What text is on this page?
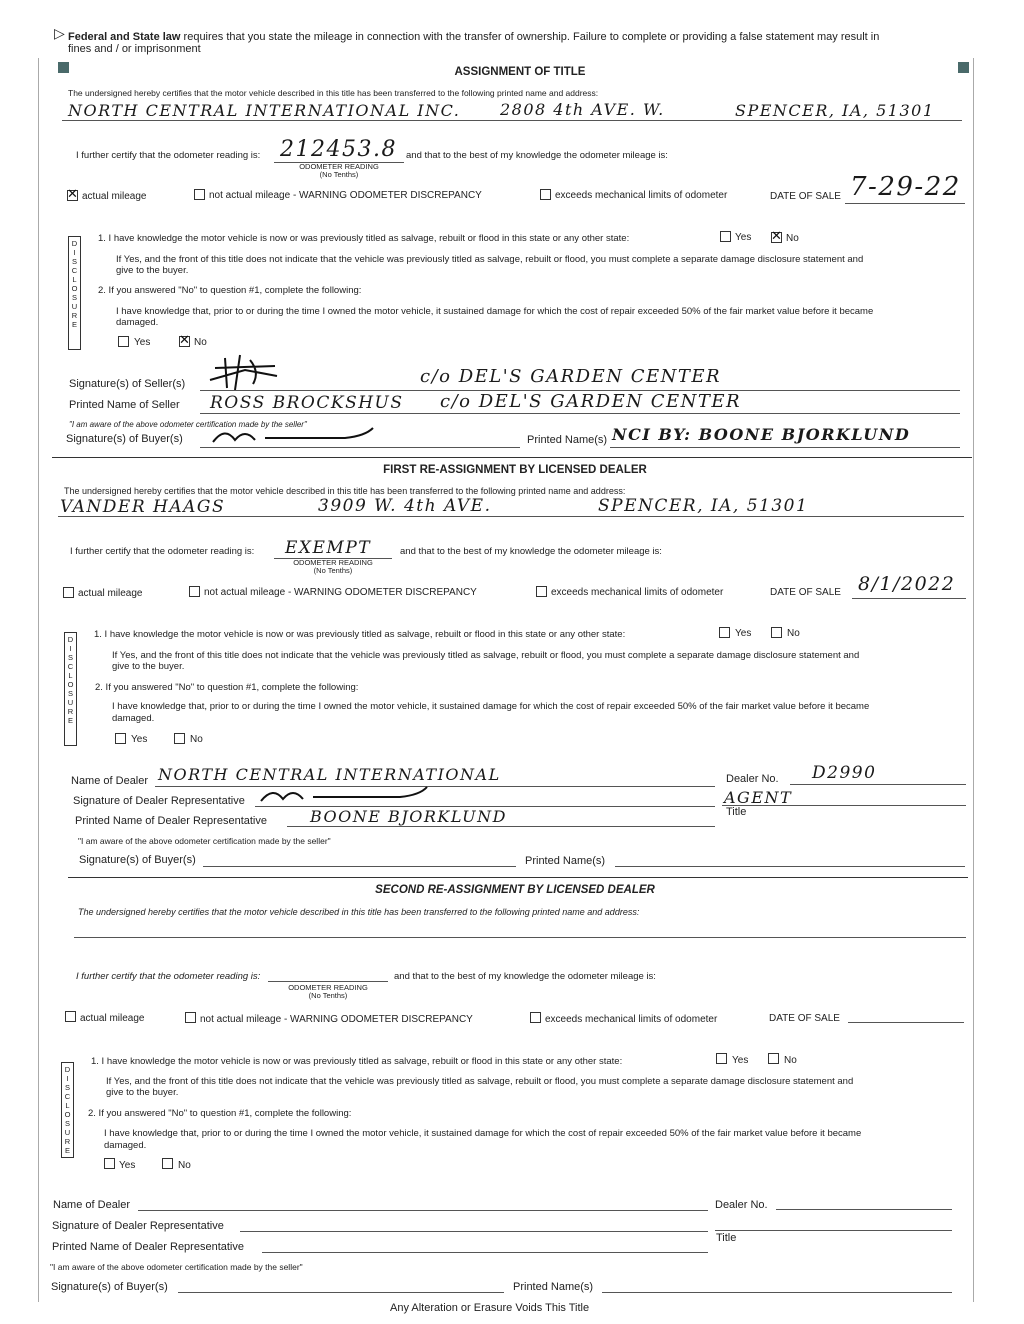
▷ Federal and State law requires that you state the mileage in connection with the transfer of ownership. Failure to complete or providing a false statement may result in
fines and / or imprisonment
ASSIGNMENT OF TITLE
The undersigned hereby certifies that the motor vehicle described in this title has been transferred to the following printed name and address:
NORTH CENTRAL INTERNATIONAL INC. 2808 4th AVE. W.	SPENCER, IA, 51301
I further certify that the odometer reading is: 212453.8
ODOMETER READING
(No Tenths)
and that to the best of my knowledge the odometer mileage is:
✕
actual mileage	not actual mileage - WARNING ODOMETER DISCREPANCY	exceeds mechanical limits of odometer	DATE OF SALE 7-29-22
D
I
S
C
L
O
S
U
R
E
1. I have knowledge the motor vehicle is now or was previously titled as salvage, rebuilt or flood in this state or any other state:	Yes ✕	No
If Yes, and the front of this title does not indicate that the vehicle was previously titled as salvage, rebuilt or flood, you must complete a separate damage disclosure statement and
give to the buyer.
2. If you answered "No" to question #1, complete the following:
I have knowledge that, prior to or during the time I owned the motor vehicle, it sustained damage for which the cost of repair exceeded 50% of the fair market value before it became
damaged.
Yes ✕	No
Signature(s) of Seller(s)	c/o DEL'S GARDEN CENTER
Printed Name of Seller ROSS BROCKSHUS c/o DEL'S GARDEN CENTER
"I am aware of the above odometer certification made by the seller"
Signature(s) of Buyer(s)	Printed Name(s) NCI BY: BOONE BJORKLUND
FIRST RE-ASSIGNMENT BY LICENSED DEALER
The undersigned hereby certifies that the motor vehicle described in this title has been transferred to the following printed name and address:
VANDER HAAGS	3909 W. 4th AVE.	SPENCER, IA, 51301
I further certify that the odometer reading is: EXEMPT
ODOMETER READING
(No Tenths)
and that to the best of my knowledge the odometer mileage is:
actual mileage	not actual mileage - WARNING ODOMETER DISCREPANCY	exceeds mechanical limits of odometer	DATE OF SALE 8/1/2022
D
I
S
C
L
O
S
U
R
E
1. I have knowledge the motor vehicle is now or was previously titled as salvage, rebuilt or flood in this state or any other state:	Yes	No
If Yes, and the front of this title does not indicate that the vehicle was previously titled as salvage, rebuilt or flood, you must complete a separate damage disclosure statement and
give to the buyer.
2. If you answered "No" to question #1, complete the following:
I have knowledge that, prior to or during the time I owned the motor vehicle, it sustained damage for which the cost of repair exceeded 50% of the fair market value before it became
damaged.
Yes	No
Name of Dealer NORTH CENTRAL INTERNATIONAL	Dealer No. D2990
Signature of Dealer Representative	AGENT
Title
Printed Name of Dealer Representative	BOONE BJORKLUND
"I am aware of the above odometer certification made by the seller"
Signature(s) of Buyer(s)	Printed Name(s)
SECOND RE-ASSIGNMENT BY LICENSED DEALER
The undersigned hereby certifies that the motor vehicle described in this title has been transferred to the following printed name and address:
I further certify that the odometer reading is:
ODOMETER READING
(No Tenths)
and that to the best of my knowledge the odometer mileage is:
actual mileage	not actual mileage - WARNING ODOMETER DISCREPANCY	exceeds mechanical limits of odometer	DATE OF SALE
D
I
S
C
L
O
S
U
R
E
1. I have knowledge the motor vehicle is now or was previously titled as salvage, rebuilt or flood in this state or any other state:	Yes	No
If Yes, and the front of this title does not indicate that the vehicle was previously titled as salvage, rebuilt or flood, you must complete a separate damage disclosure statement and
give to the buyer.
2. If you answered "No" to question #1, complete the following:
I have knowledge that, prior to or during the time I owned the motor vehicle, it sustained damage for which the cost of repair exceeded 50% of the fair market value before it became
damaged.
Yes	No
Name of Dealer	Dealer No.
Signature of Dealer Representative
Title
Printed Name of Dealer Representative
"I am aware of the above odometer certification made by the seller"
Signature(s) of Buyer(s)	Printed Name(s)
Any Alteration or Erasure Voids This Title
